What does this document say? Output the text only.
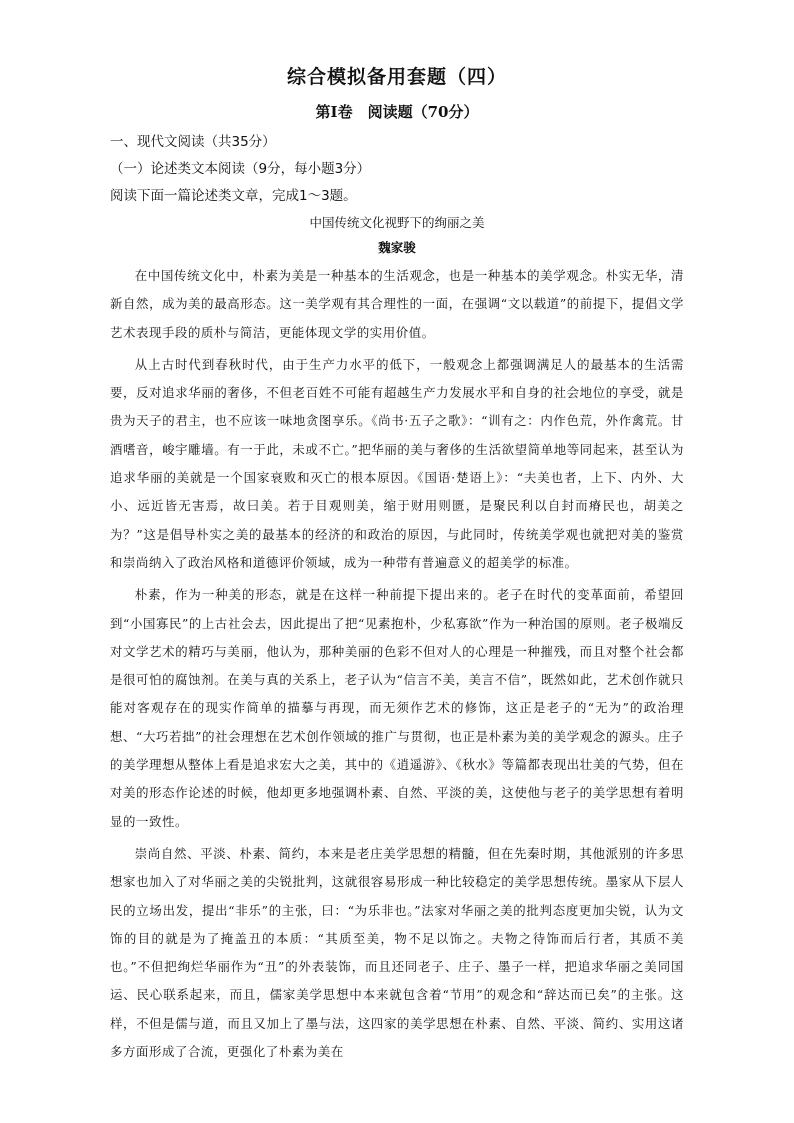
综合模拟备用套题（四）
第Ⅰ卷　阅读题（70分）
一、现代文阅读（共35分）
（一）论述类文本阅读（9分，每小题3分）
阅读下面一篇论述类文章，完成1～3题。
中国传统文化视野下的绚丽之美
魏家骏

在中国传统文化中，朴素为美是一种基本的生活观念，也是一种基本的美学观念。朴实无华，清新自然，成为美的最高形态。这一美学观有其合理性的一面，在强调“文以载道”的前提下，提倡文学艺术表现手段的质朴与简洁，更能体现文学的实用价值。

从上古时代到春秋时代，由于生产力水平的低下，一般观念上都强调满足人的最基本的生活需要，反对追求华丽的奢侈，不但老百姓不可能有超越生产力发展水平和自身的社会地位的享受，就是贵为天子的君主，也不应该一味地贪图享乐。《尚书·五子之歌》：“训有之：内作色荒，外作禽荒。甘酒嗜音，峻宇雕墙。有一于此，未或不亡。”把华丽的美与奢侈的生活欲望简单地等同起来，甚至认为追求华丽的美就是一个国家衰败和灭亡的根本原因。《国语·楚语上》：“夫美也者，上下、内外、大小、远近皆无害焉，故曰美。若于目观则美，缩于财用则匮，是聚民利以自封而瘠民也，胡美之为？”这是倡导朴实之美的最基本的经济的和政治的原因，与此同时，传统美学观也就把对美的鉴赏和崇尚纳入了政治风格和道德评价领域，成为一种带有普遍意义的超美学的标准。

朴素，作为一种美的形态，就是在这样一种前提下提出来的。老子在时代的变革面前，希望回到“小国寡民”的上古社会去，因此提出了把“见素抱朴，少私寡欲”作为一种治国的原则。老子极端反对文学艺术的精巧与美丽，他认为，那种美丽的色彩不但对人的心理是一种摧残，而且对整个社会都是很可怕的腐蚀剂。在美与真的关系上，老子认为“信言不美，美言不信”，既然如此，艺术创作就只能对客观存在的现实作简单的描摹与再现，而无须作艺术的修饰，这正是老子的“无为”的政治理想、“大巧若拙”的社会理想在艺术创作领域的推广与贯彻，也正是朴素为美的美学观念的源头。庄子的美学理想从整体上看是追求宏大之美，其中的《逍遥游》、《秋水》等篇都表现出壮美的气势，但在对美的形态作论述的时候，他却更多地强调朴素、自然、平淡的美，这使他与老子的美学思想有着明显的一致性。

崇尚自然、平淡、朴素、简约，本来是老庄美学思想的精髓，但在先秦时期，其他派别的许多思想家也加入了对华丽之美的尖锐批判，这就很容易形成一种比较稳定的美学思想传统。墨家从下层人民的立场出发，提出“非乐”的主张，曰：“为乐非也。”法家对华丽之美的批判态度更加尖锐，认为文饰的目的就是为了掩盖丑的本质：“其质至美，物不足以饰之。夫物之待饰而后行者，其质不美也。”不但把绚烂华丽作为“丑”的外表装饰，而且还同老子、庄子、墨子一样，把追求华丽之美同国运、民心联系起来，而且，儒家美学思想中本来就包含着“节用”的观念和“辞达而已矣”的主张。这样，不但是儒与道，而且又加上了墨与法，这四家的美学思想在朴素、自然、平淡、简约、实用这诸多方面形成了合流，更强化了朴素为美在
